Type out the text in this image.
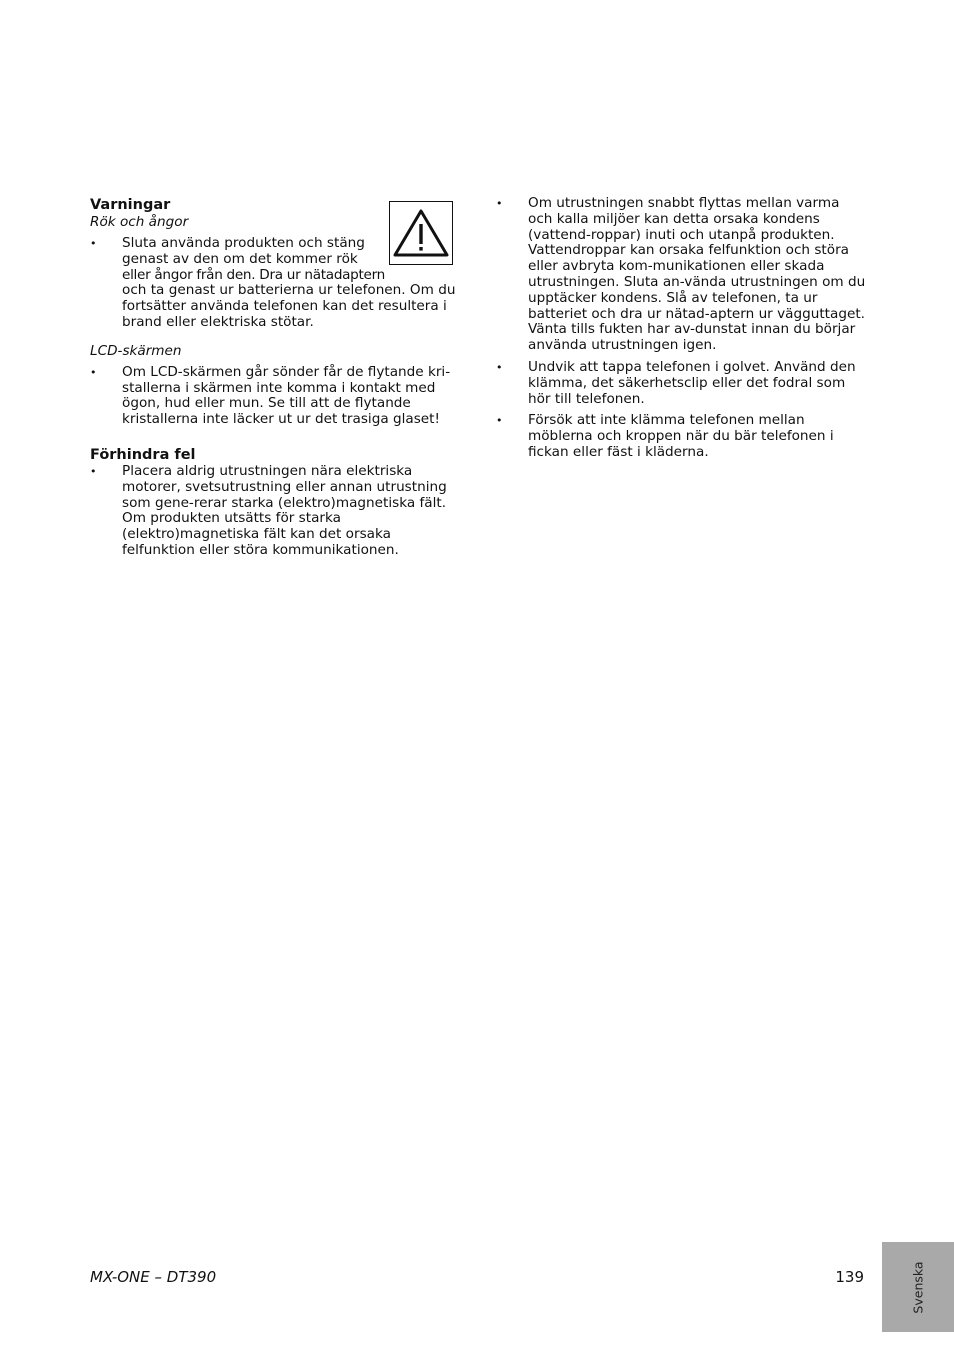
Varningar

Rök och ångor

• Sluta använda produkten och stäng
genast av den om det kommer rök
eller ångor från den. Dra ur nätadaptern
och ta genast ur batterierna ur telefonen. Om du fortsätter använda telefonen kan det resultera i brand eller elektriska stötar.

LCD-skärmen

• Om LCD-skärmen går sönder får de flytande kri-stallerna i skärmen inte komma i kontakt med ögon, hud eller mun. Se till att de flytande kristallerna inte läcker ut ur det trasiga glaset!
Förhindra fel
• Placera aldrig utrustningen nära elektriska motorer, svetsutrustning eller annan utrustning som gene-rerar starka (elektro)magnetiska fält. Om produkten utsätts för starka (elektro)magnetiska fält kan det orsaka felfunktion eller störa kommunikationen.
• Om utrustningen snabbt flyttas mellan varma och kalla miljöer kan detta orsaka kondens (vattend-roppar) inuti och utanpå produkten. Vattendroppar kan orsaka felfunktion och störa eller avbryta kom-munikationen eller skada utrustningen. Sluta an-vända utrustningen om du upptäcker kondens. Slå av telefonen, ta ur batteriet och dra ur nätad-aptern ur vägguttaget. Vänta tills fukten har av-dunstat innan du börjar använda utrustningen igen.
• Undvik att tappa telefonen i golvet. Använd den klämma, det säkerhetsclip eller det fodral som hör till telefonen.
• Försök att inte klämma telefonen mellan möblerna och kroppen när du bär telefonen i fickan eller fäst i kläderna.
MX-ONE – DT390	139	Svenska
